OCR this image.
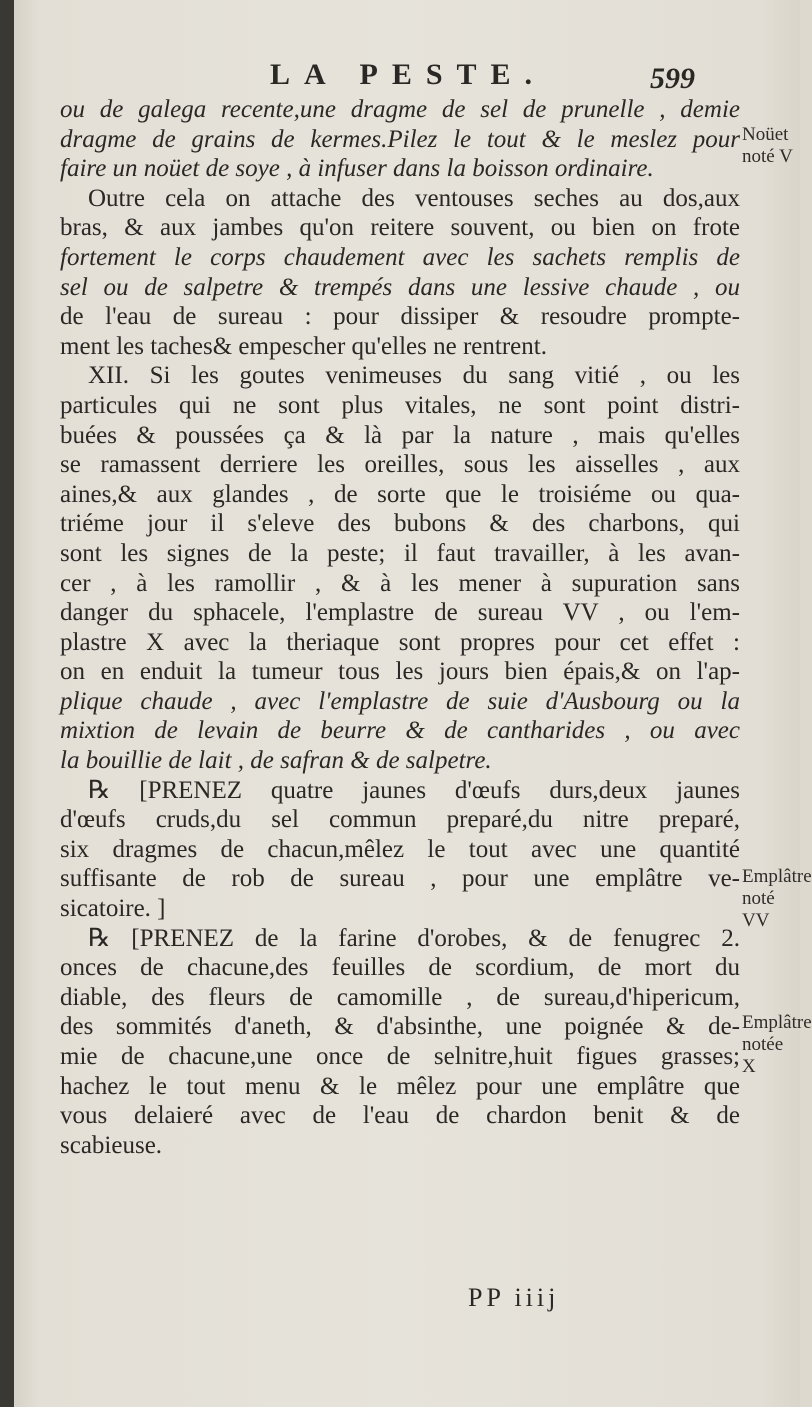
LA PESTE.	599
ou de galega recente,une dragme de sel de prunelle , demie
dragme de grains de kermes.Pilez le tout & le meslez pour
faire un noüet de soye , à infuser dans la boisson ordinaire.
Outre cela on attache des ventouses seches au dos,aux
bras, & aux jambes qu'on reitere souvent, ou bien on frote
fortement le corps chaudement avec les sachets remplis de
sel ou de salpetre & trempés dans une lessive chaude , ou
de l'eau de sureau : pour dissiper & resoudre prompte-
ment les taches& empescher qu'elles ne rentrent.
XII. Si les goutes venimeuses du sang vitié , ou les
particules qui ne sont plus vitales, ne sont point distri-
buées & poussées ça & là par la nature , mais qu'elles
se ramassent derriere les oreilles, sous les aisselles , aux
aines,& aux glandes , de sorte que le troisiéme ou qua-
triéme jour il s'eleve des bubons & des charbons, qui
sont les signes de la peste; il faut travailler, à les avan-
cer , à les ramollir , & à les mener à supuration sans
danger du sphacele, l'emplastre de sureau VV , ou l'em-
plastre X avec la theriaque sont propres pour cet effet :
on en enduit la tumeur tous les jours bien épais,& on l'ap-
plique chaude , avec l'emplastre de suie d'Ausbourg ou la
mixtion de levain de beurre & de cantharides , ou avec
la bouillie de lait , de safran & de salpetre.
℞ [PRENEZ quatre jaunes d'œufs durs,deux jaunes
d'œufs cruds,du sel commun preparé,du nitre preparé,
six dragmes de chacun,mêlez le tout avec une quantité
suffisante de rob de sureau , pour une emplâtre ve-
sicatoire. ]
℞ [PRENEZ de la farine d'orobes, & de fenugrec 2.
onces de chacune,des feuilles de scordium, de mort du
diable, des fleurs de camomille , de sureau,d'hipericum,
des sommités d'aneth, & d'absinthe, une poignée & de-
mie de chacune,une once de selnitre,huit figues grasses;
hachez le tout menu & le mêlez pour une emplâtre que
vous delaieré avec de l'eau de chardon benit & de
scabieuse.
Noüet noté V
Emplâtre noté VV
Emplâtre notée X
PP iiij
